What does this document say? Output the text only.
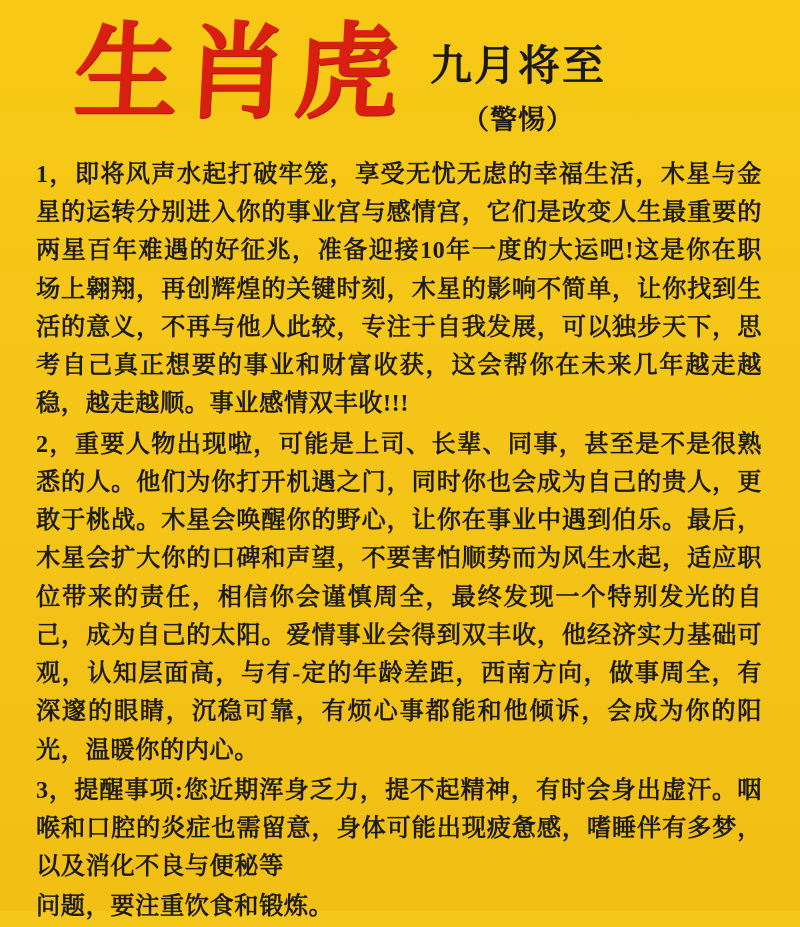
生肖虎 九月将至
（警惕）

1，即将风声水起打破牢笼，享受无忧无虑的幸福生活，木星与金星的运转分别进入你的事业宫与感情宫，它们是改变人生最重要的两星百年难遇的好征兆，准备迎接10年一度的大运吧!这是你在职场上翱翔，再创辉煌的关键时刻，木星的影响不简单，让你找到生活的意义，不再与他人此较，专注于自我发展，可以独步天下，思考自己真正想要的事业和财富收获，这会帮你在未来几年越走越稳，越走越顺。事业感情双丰收!!!

2，重要人物出现啦，可能是上司、长辈、同事，甚至是不是很熟悉的人。他们为你打开机遇之门，同时你也会成为自己的贵人，更敢于桃战。木星会唤醒你的野心，让你在事业中遇到伯乐。最后，木星会扩大你的口碑和声望，不要害怕顺势而为风生水起，适应职位带来的责任，相信你会谨慎周全，最终发现一个特别发光的自己，成为自己的太阳。爱情事业会得到双丰收，他经济实力基础可观，认知层面高，与有-定的年龄差距，西南方向，做事周全，有深邃的眼睛，沉稳可靠，有烦心事都能和他倾诉，会成为你的阳光，温暖你的内心。

3，提醒事项:您近期浑身乏力，提不起精神，有时会身出虚汗。咽喉和口腔的炎症也需留意，身体可能出现疲惫感，嗜睡伴有多梦，以及消化不良与便秘等

问题，要注重饮食和锻炼。
